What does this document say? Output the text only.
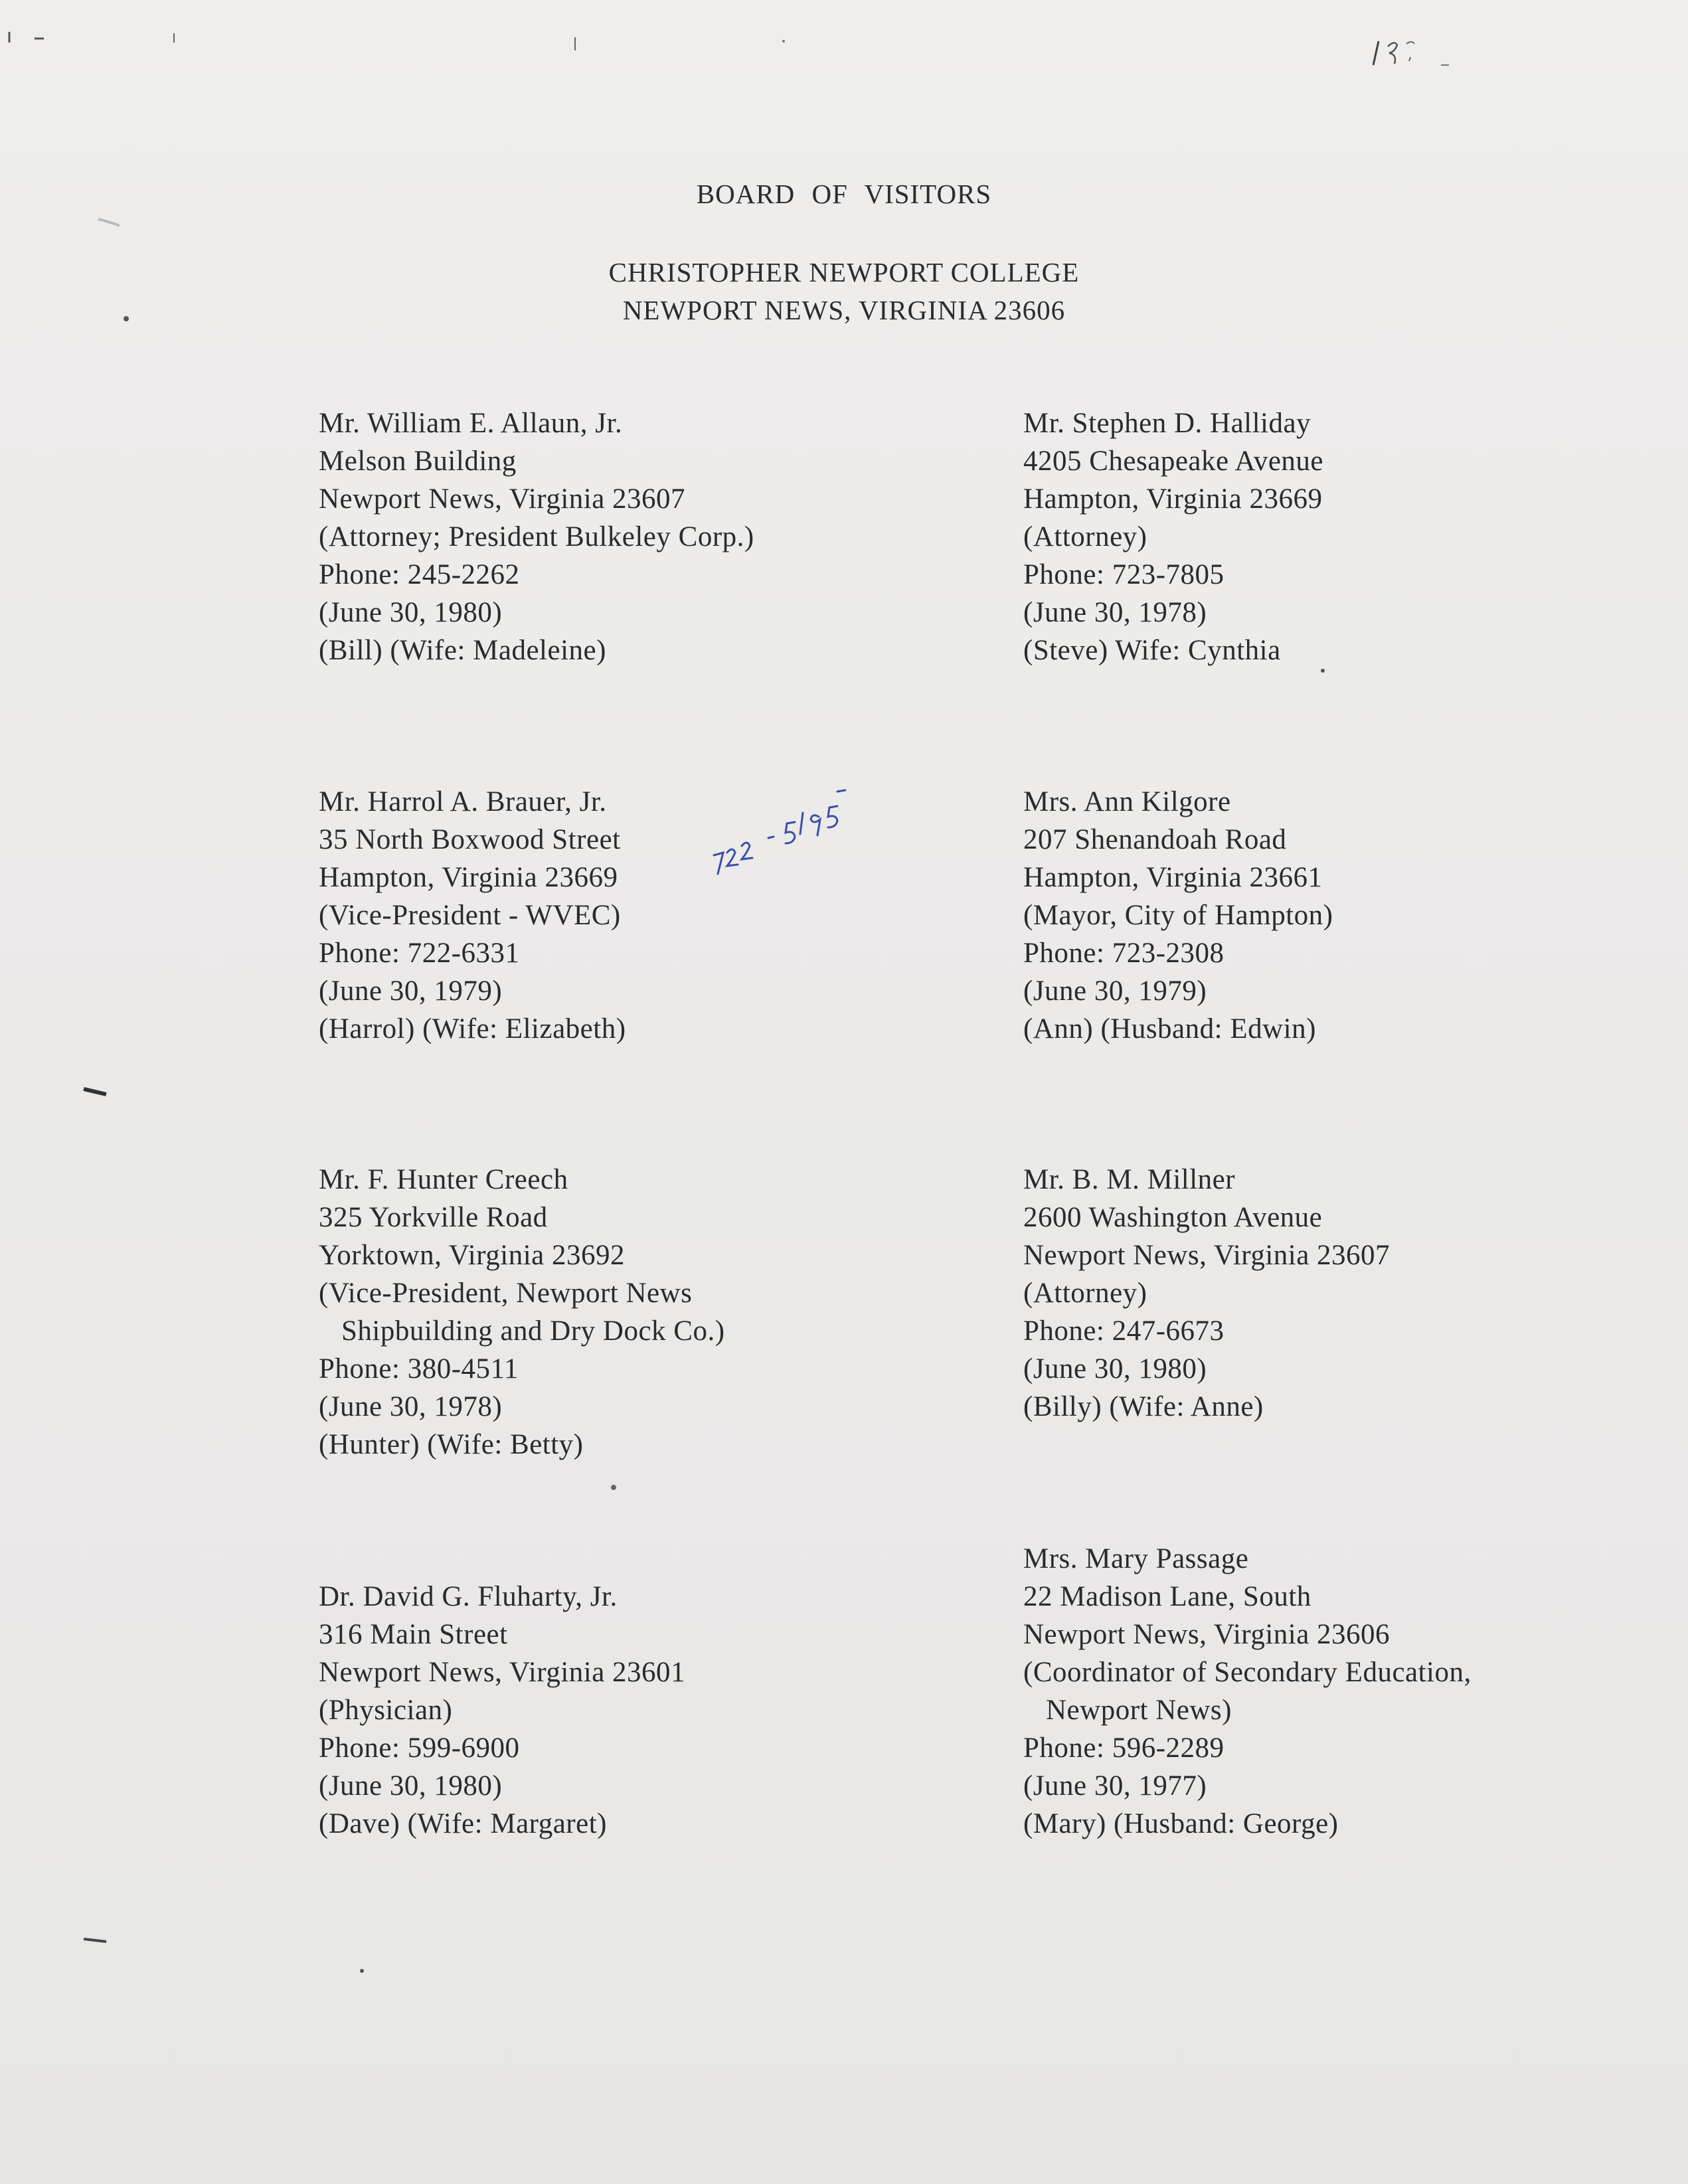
BOARD OF VISITORS
CHRISTOPHER NEWPORT COLLEGE
NEWPORT NEWS, VIRGINIA 23606
Mr. William E. Allaun, Jr.
Melson Building
Newport News, Virginia 23607
(Attorney; President Bulkeley Corp.)
Phone: 245-2262
(June 30, 1980)
(Bill) (Wife: Madeleine)
Mr. Harrol A. Brauer, Jr.
35 North Boxwood Street
Hampton, Virginia 23669
(Vice-President - WVEC)
Phone: 722-6331
(June 30, 1979)
(Harrol) (Wife: Elizabeth)
Mr. F. Hunter Creech
325 Yorkville Road
Yorktown, Virginia 23692
(Vice-President, Newport News
Shipbuilding and Dry Dock Co.)
Phone: 380-4511
(June 30, 1978)
(Hunter) (Wife: Betty)
Dr. David G. Fluharty, Jr.
316 Main Street
Newport News, Virginia 23601
(Physician)
Phone: 599-6900
(June 30, 1980)
(Dave) (Wife: Margaret)
Mr. Stephen D. Halliday
4205 Chesapeake Avenue
Hampton, Virginia 23669
(Attorney)
Phone: 723-7805
(June 30, 1978)
(Steve) Wife: Cynthia
Mrs. Ann Kilgore
207 Shenandoah Road
Hampton, Virginia 23661
(Mayor, City of Hampton)
Phone: 723-2308
(June 30, 1979)
(Ann) (Husband: Edwin)
Mr. B. M. Millner
2600 Washington Avenue
Newport News, Virginia 23607
(Attorney)
Phone: 247-6673
(June 30, 1980)
(Billy) (Wife: Anne)
Mrs. Mary Passage
22 Madison Lane, South
Newport News, Virginia 23606
(Coordinator of Secondary Education,
Newport News)
Phone: 596-2289
(June 30, 1977)
(Mary) (Husband: George)
